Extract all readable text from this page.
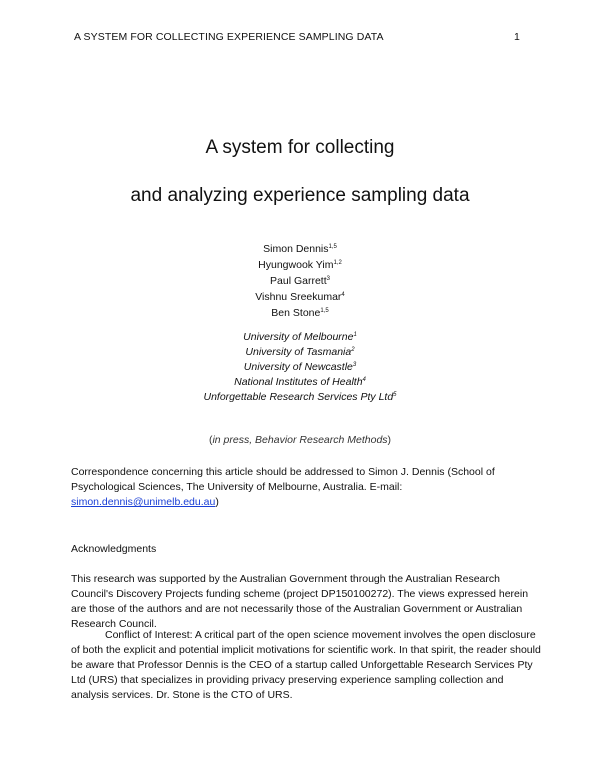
A SYSTEM FOR COLLECTING EXPERIENCE SAMPLING DATA	1
A system for collecting
and analyzing experience sampling data
Simon Dennis$^{1,5}$
Hyungwook Yim$^{1,2}$
Paul Garrett$^3$
Vishnu Sreekumar$^4$
Ben Stone$^{1,5}$
University of Melbourne$^1$
University of Tasmania$^2$
University of Newcastle$^3$
National Institutes of Health$^4$
Unforgettable Research Services Pty Ltd$^5$
(in press, Behavior Research Methods)

Correspondence concerning this article should be addressed to Simon J. Dennis (School of Psychological Sciences, The University of Melbourne, Australia. E-mail: simon.dennis@unimelb.edu.au)

Acknowledgments

This research was supported by the Australian Government through the Australian Research Council's Discovery Projects funding scheme (project DP150100272). The views expressed herein are those of the authors and are not necessarily those of the Australian Government or Australian Research Council.

Conflict of Interest: A critical part of the open science movement involves the open disclosure of both the explicit and potential implicit motivations for scientific work. In that spirit, the reader should be aware that Professor Dennis is the CEO of a startup called Unforgettable Research Services Pty Ltd (URS) that specializes in providing privacy preserving experience sampling collection and analysis services. Dr. Stone is the CTO of URS.
